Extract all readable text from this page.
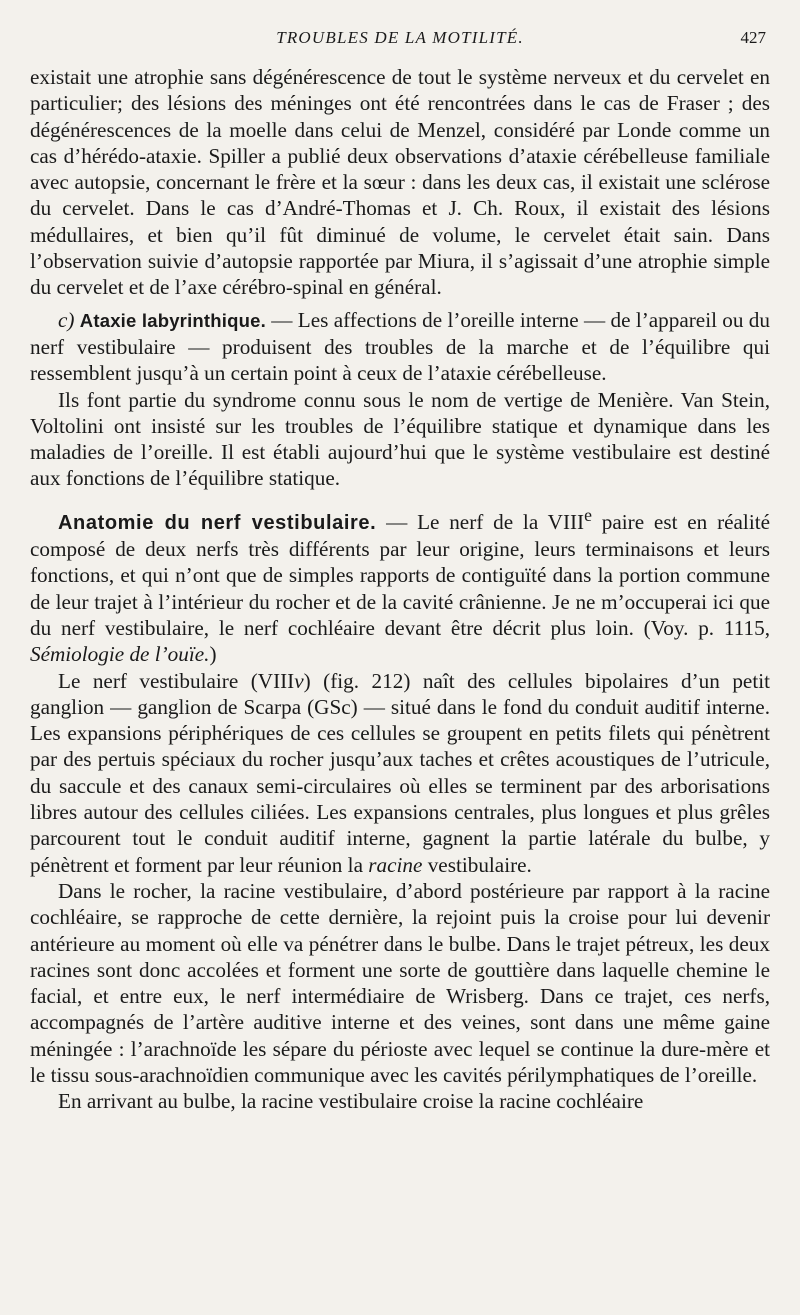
TROUBLES DE LA MOTILITÉ.	427

existait une atrophie sans dégénérescence de tout le système nerveux et du cervelet en particulier; des lésions des méninges ont été rencontrées dans le cas de Fraser ; des dégénérescences de la moelle dans celui de Menzel, considéré par Londe comme un cas d’hérédo-ataxie. Spiller a publié deux observations d’ataxie cérébelleuse familiale avec autopsie, concernant le frère et la sœur : dans les deux cas, il existait une sclérose du cervelet. Dans le cas d’André-Thomas et J. Ch. Roux, il existait des lésions médullaires, et bien qu’il fût diminué de volume, le cervelet était sain. Dans l’observation suivie d’autopsie rapportée par Miura, il s’agissait d’une atrophie simple du cervelet et de l’axe cérébro-spinal en général.

c) Ataxie labyrinthique. — Les affections de l’oreille interne — de l’appareil ou du nerf vestibulaire — produisent des troubles de la marche et de l’équilibre qui ressemblent jusqu’à un certain point à ceux de l’ataxie cérébelleuse.

Ils font partie du syndrome connu sous le nom de vertige de Menière. Van Stein, Voltolini ont insisté sur les troubles de l’équilibre statique et dynamique dans les maladies de l’oreille. Il est établi aujourd’hui que le système vestibulaire est destiné aux fonctions de l’équilibre statique.

Anatomie du nerf vestibulaire. — Le nerf de la VIIIe paire est en réalité composé de deux nerfs très différents par leur origine, leurs terminaisons et leurs fonctions, et qui n’ont que de simples rapports de contiguïté dans la portion commune de leur trajet à l’intérieur du rocher et de la cavité crânienne. Je ne m’occuperai ici que du nerf vestibulaire, le nerf cochléaire devant être décrit plus loin. (Voy. p. 1115, Sémiologie de l’ouïe.)

Le nerf vestibulaire (VIIIv) (fig. 212) naît des cellules bipolaires d’un petit ganglion — ganglion de Scarpa (GSc) — situé dans le fond du conduit auditif interne. Les expansions périphériques de ces cellules se groupent en petits filets qui pénètrent par des pertuis spéciaux du rocher jusqu’aux taches et crêtes acoustiques de l’utricule, du saccule et des canaux semi-circulaires où elles se terminent par des arborisations libres autour des cellules ciliées. Les expansions centrales, plus longues et plus grêles parcourent tout le conduit auditif interne, gagnent la partie latérale du bulbe, y pénètrent et forment par leur réunion la racine vestibulaire.

Dans le rocher, la racine vestibulaire, d’abord postérieure par rapport à la racine cochléaire, se rapproche de cette dernière, la rejoint puis la croise pour lui devenir antérieure au moment où elle va pénétrer dans le bulbe. Dans le trajet pétreux, les deux racines sont donc accolées et forment une sorte de gouttière dans laquelle chemine le facial, et entre eux, le nerf intermédiaire de Wrisberg. Dans ce trajet, ces nerfs, accompagnés de l’artère auditive interne et des veines, sont dans une même gaine méningée : l’arachnoïde les sépare du périoste avec lequel se continue la dure-mère et le tissu sous-arachnoïdien communique avec les cavités périlymphatiques de l’oreille.

En arrivant au bulbe, la racine vestibulaire croise la racine cochléaire
